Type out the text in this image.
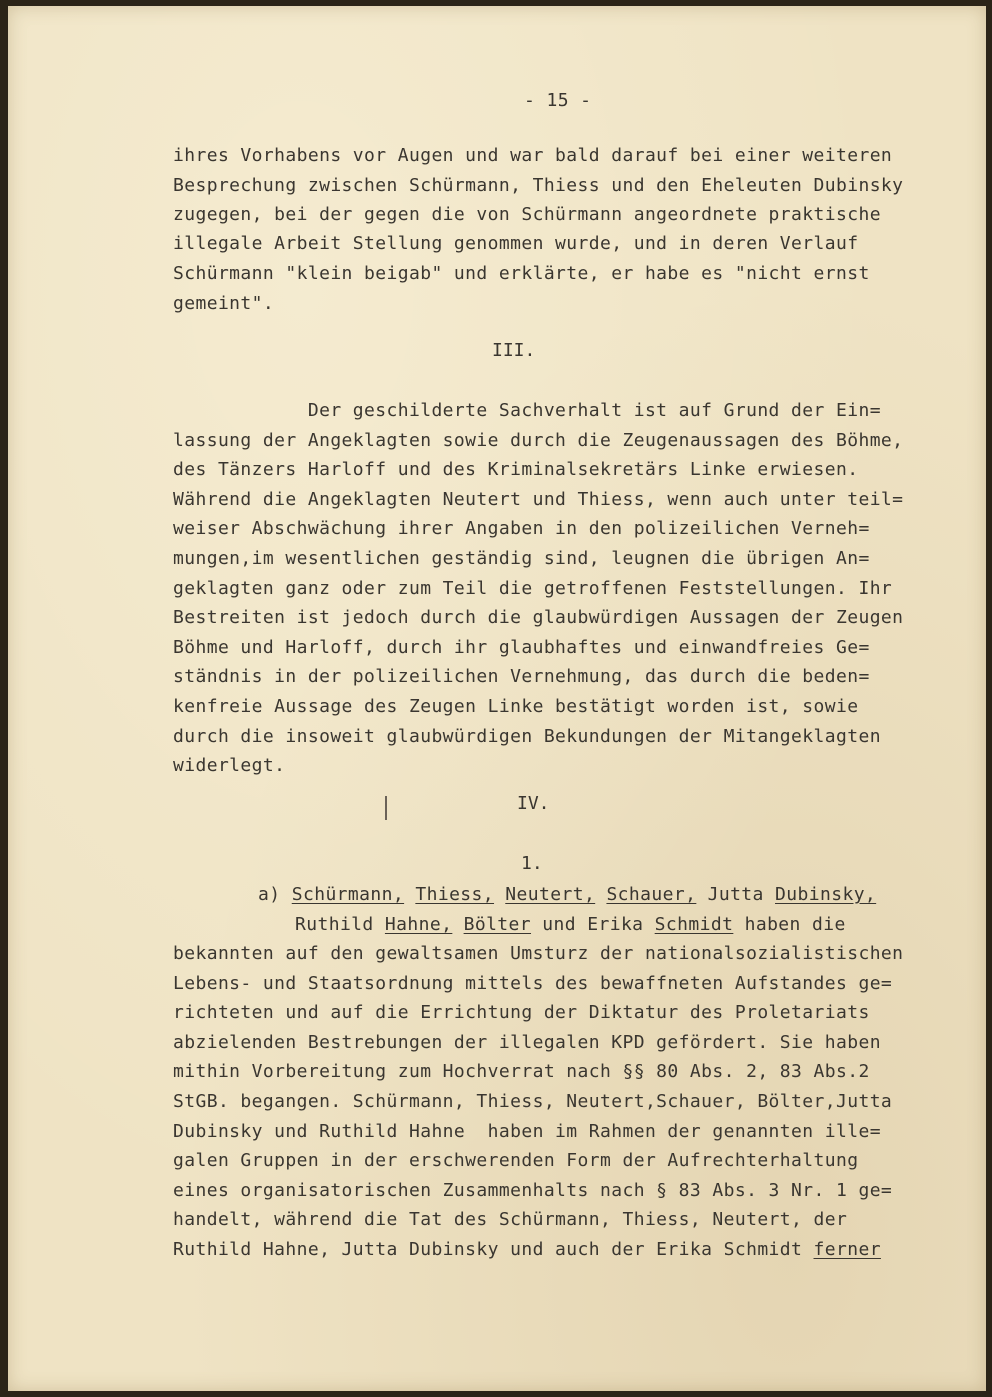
- 15 -
ihres Vorhabens vor Augen und war bald darauf bei einer weiteren
Besprechung zwischen Schürmann, Thiess und den Eheleuten Dubinsky
zugegen, bei der gegen die von Schürmann angeordnete praktische
illegale Arbeit Stellung genommen wurde, und in deren Verlauf
Schürmann "klein beigab" und erklärte, er habe es "nicht ernst
gemeint".
III.
Der geschilderte Sachverhalt ist auf Grund der Ein=
lassung der Angeklagten sowie durch die Zeugenaussagen des Böhme,
des Tänzers Harloff und des Kriminalsekretärs Linke erwiesen.
Während die Angeklagten Neutert und Thiess, wenn auch unter teil=
weiser Abschwächung ihrer Angaben in den polizeilichen Verneh=
mungen,im wesentlichen geständig sind, leugnen die übrigen An=
geklagten ganz oder zum Teil die getroffenen Feststellungen. Ihr
Bestreiten ist jedoch durch die glaubwürdigen Aussagen der Zeugen
Böhme und Harloff, durch ihr glaubhaftes und einwandfreies Ge=
ständnis in der polizeilichen Vernehmung, das durch die beden=
kenfreie Aussage des Zeugen Linke bestätigt worden ist, sowie
durch die insoweit glaubwürdigen Bekundungen der Mitangeklagten
widerlegt.
IV.
1.
a) Schürmann, Thiess, Neutert, Schauer, Jutta Dubinsky,
Ruthild Hahne, Bölter und Erika Schmidt haben die
bekannten auf den gewaltsamen Umsturz der nationalsozialistischen
Lebens- und Staatsordnung mittels des bewaffneten Aufstandes ge=
richteten und auf die Errichtung der Diktatur des Proletariats
abzielenden Bestrebungen der illegalen KPD gefördert. Sie haben
mithin Vorbereitung zum Hochverrat nach §§ 80 Abs. 2, 83 Abs.2
StGB. begangen. Schürmann, Thiess, Neutert,Schauer, Bölter,Jutta
Dubinsky und Ruthild Hahne  haben im Rahmen der genannten ille=
galen Gruppen in der erschwerenden Form der Aufrechterhaltung
eines organisatorischen Zusammenhalts nach § 83 Abs. 3 Nr. 1 ge=
handelt, während die Tat des Schürmann, Thiess, Neutert, der
Ruthild Hahne, Jutta Dubinsky und auch der Erika Schmidt ferner
